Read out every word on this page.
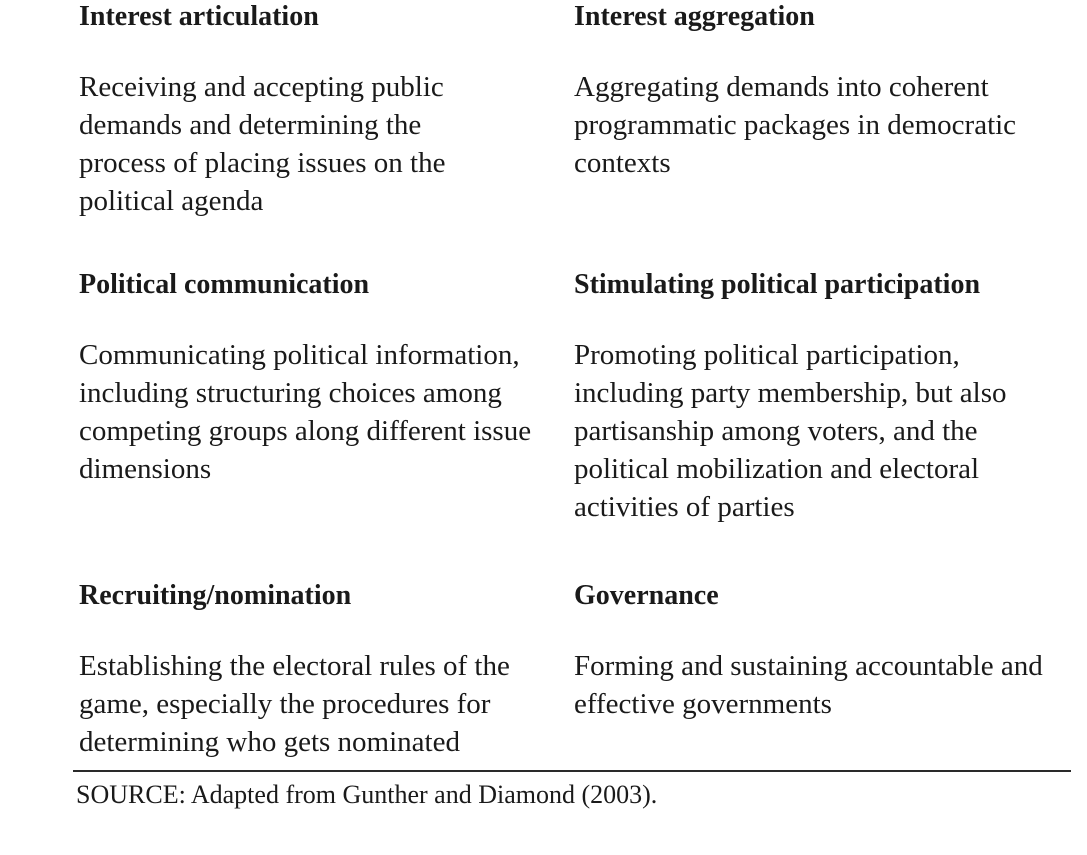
Interest articulation

Receiving and accepting public demands and determining the process of placing issues on the political agenda

Interest aggregation

Aggregating demands into coherent programmatic packages in democratic contexts

Political communication

Communicating political information, including structuring choices among competing groups along different issue dimensions

Stimulating political participation

Promoting political participation, including party membership, but also partisanship among voters, and the political mobilization and electoral activities of parties

Recruiting/nomination

Establishing the electoral rules of the game, especially the procedures for determining who gets nominated

Governance

Forming and sustaining accountable and effective governments

SOURCE: Adapted from Gunther and Diamond (2003).
